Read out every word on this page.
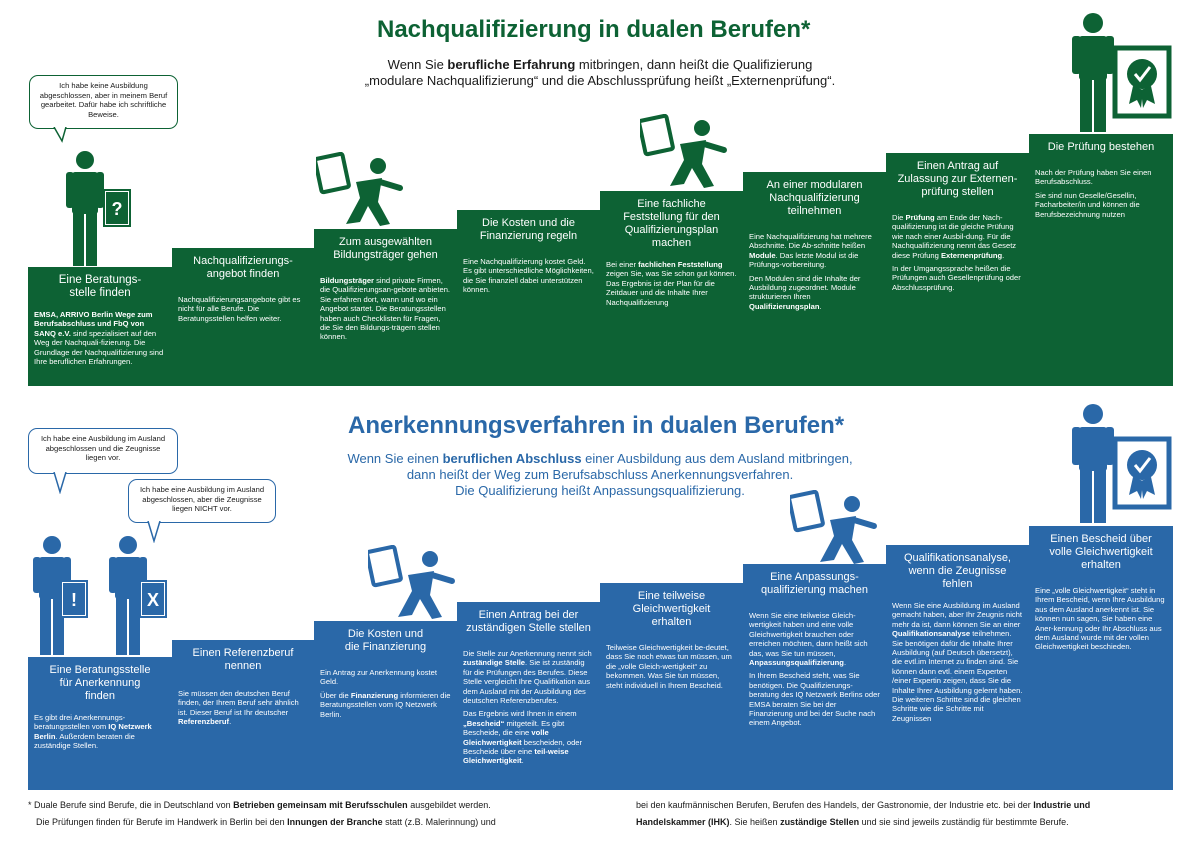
Nachqualifizierung in dualen Berufen*
Wenn Sie berufliche Erfahrung mitbringen, dann heißt die Qualifizierung
„modulare Nachqualifizierung“ und die Abschlussprüfung heißt „Externenprüfung“.
Eine Beratungs-
stelle finden

EMSA, ARRIVO Berlin Wege zum Berufsabschluss und FbQ von SANQ e.V. sind spezialisiert auf den Weg der Nachquali-fizierung. Die Grundlage der Nachqualifizierung sind Ihre beruflichen Erfahrungen.

Nachqualifizierungs-
angebot finden

Nachqualifizierungsangebote gibt es nicht für alle Berufe. Die Beratungsstellen helfen weiter.

Zum ausgewählten
Bildungsträger gehen

Bildungsträger sind private Firmen, die Qualifizierungsan-gebote anbieten. Sie erfahren dort, wann und wo ein Angebot startet. Die Beratungsstellen haben auch Checklisten für Fragen, die Sie den Bildungs-trägern stellen können.

Die Kosten und die
Finanzierung regeln

Eine Nachqualifizierung kostet Geld. Es gibt unterschiedliche Möglichkeiten, die Sie finanziell dabei unterstützen können.

Eine fachliche
Feststellung für den
Qualifizierungsplan
machen

Bei einer fachlichen Feststellung zeigen Sie, was Sie schon gut können. Das Ergebnis ist der Plan für die Zeitdauer und die Inhalte Ihrer Nachqualifizierung

An einer modularen
Nachqualifizierung
teilnehmen

Eine Nachqualifizierung hat mehrere Abschnitte. Die Ab-schnitte heißen Module. Das letzte Modul ist die Prüfungs-vorbereitung.

Den Modulen sind die Inhalte der Ausbildung zugeordnet. Module strukturieren Ihren Qualifizierungsplan.

Einen Antrag auf
Zulassung zur Externen-
prüfung stellen

Die Prüfung am Ende der Nach-qualifizierung ist die gleiche Prüfung wie nach einer Ausbil-dung. Für die Nachqualifizierung nennt das Gesetz diese Prüfung Externenprüfung.

In der Umgangssprache heißen die Prüfungen auch Gesellenprüfung oder Abschlussprüfung.

Die Prüfung bestehen

Nach der Prüfung haben Sie einen Berufsabschluss.

Sie sind nun Geselle/Gesellin, Facharbeiter/in und können die Berufsbezeichnung nutzen

Ich habe keine Ausbildung abgeschlossen, aber in meinem Beruf gearbeitet. Dafür habe ich schriftliche Beweise.
?
Anerkennungsverfahren in dualen Berufen*
Wenn Sie einen beruflichen Abschluss einer Ausbildung aus dem Ausland mitbringen,
dann heißt der Weg zum Berufsabschluss Anerkennungsverfahren.
Die Qualifizierung heißt Anpassungsqualifizierung.
Eine Beratungsstelle
für Anerkennung
finden

Es gibt drei Anerkennungs-beratungsstellen vom IQ Netzwerk Berlin. Außerdem beraten die zuständige Stellen.

Einen Referenzberuf
nennen

Sie müssen den deutschen Beruf finden, der Ihrem Beruf sehr ähnlich ist. Dieser Beruf ist Ihr deutscher Referenzberuf.

Die Kosten und
die Finanzierung

Ein Antrag zur Anerkennung kostet Geld.

Über die Finanzierung informieren die Beratungsstellen vom IQ Netzwerk Berlin.

Einen Antrag bei der
zuständigen Stelle stellen

Die Stelle zur Anerkennung nennt sich zuständige Stelle. Sie ist zuständig für die Prüfungen des Berufes. Diese Stelle vergleicht Ihre Qualifikation aus dem Ausland mit der Ausbildung des deutschen Referenzberufes.

Das Ergebnis wird Ihnen in einem „Bescheid“ mitgeteilt. Es gibt Bescheide, die eine volle Gleichwertigkeit bescheiden, oder Bescheide über eine teil-weise Gleichwertigkeit.

Eine teilweise
Gleichwertigkeit
erhalten

Teilweise Gleichwertigkeit be-deutet, dass Sie noch etwas tun müssen, um die „volle Gleich-wertigkeit“ zu bekommen. Was Sie tun müssen, steht individuell in Ihrem Bescheid.

Eine Anpassungs-
qualifizierung machen

Wenn Sie eine teilweise Gleich-wertigkeit haben und eine volle Gleichwertigkeit brauchen oder erreichen möchten, dann heißt sich das, was Sie tun müssen, Anpassungsqualifizierung.

In Ihrem Bescheid steht, was Sie benötigen. Die Qualifizierungs-beratung des IQ Netzwerk Berlins oder EMSA beraten Sie bei der Finanzierung und bei der Suche nach einem Angebot.

Qualifikationsanalyse,
wenn die Zeugnisse
fehlen

Wenn Sie eine Ausbildung im Ausland gemacht haben, aber Ihr Zeugnis nicht mehr da ist, dann können Sie an einer Qualifikationsanalyse teilnehmen. Sie benötigen dafür die Inhalte Ihrer Ausbildung (auf Deutsch übersetzt), die evtl.im Internet zu finden sind. Sie können dann evtl. einem Experten /einer Expertin zeigen, dass Sie die Inhalte Ihrer Ausbildung gelernt haben. Die weiteren Schritte sind die gleichen Schritte wie die Schritte mit Zeugnissen

Einen Bescheid über
volle Gleichwertigkeit
erhalten

Eine „volle Gleichwertigkeit“ steht in Ihrem Bescheid, wenn Ihre Ausbildung aus dem Ausland anerkennt ist. Sie können nun sagen, Sie haben eine Aner-kennung oder Ihr Abschluss aus dem Ausland wurde mit der vollen Gleichwertigkeit beschieden.

Ich habe eine Ausbildung im Ausland abgeschlossen und die Zeugnisse liegen vor.
Ich habe eine Ausbildung im Ausland abgeschlossen, aber die Zeugnisse liegen NICHT vor.
!	X
* Duale Berufe sind Berufe, die in Deutschland von Betrieben gemeinsam mit Berufsschulen ausgebildet werden.
Die Prüfungen finden für Berufe im Handwerk in Berlin bei den Innungen der Branche statt (z.B. Malerinnung) und
bei den kaufmännischen Berufen, Berufen des Handels, der Gastronomie, der Industrie etc. bei der Industrie und
Handelskammer (IHK). Sie heißen zuständige Stellen und sie sind jeweils zuständig für bestimmte Berufe.
